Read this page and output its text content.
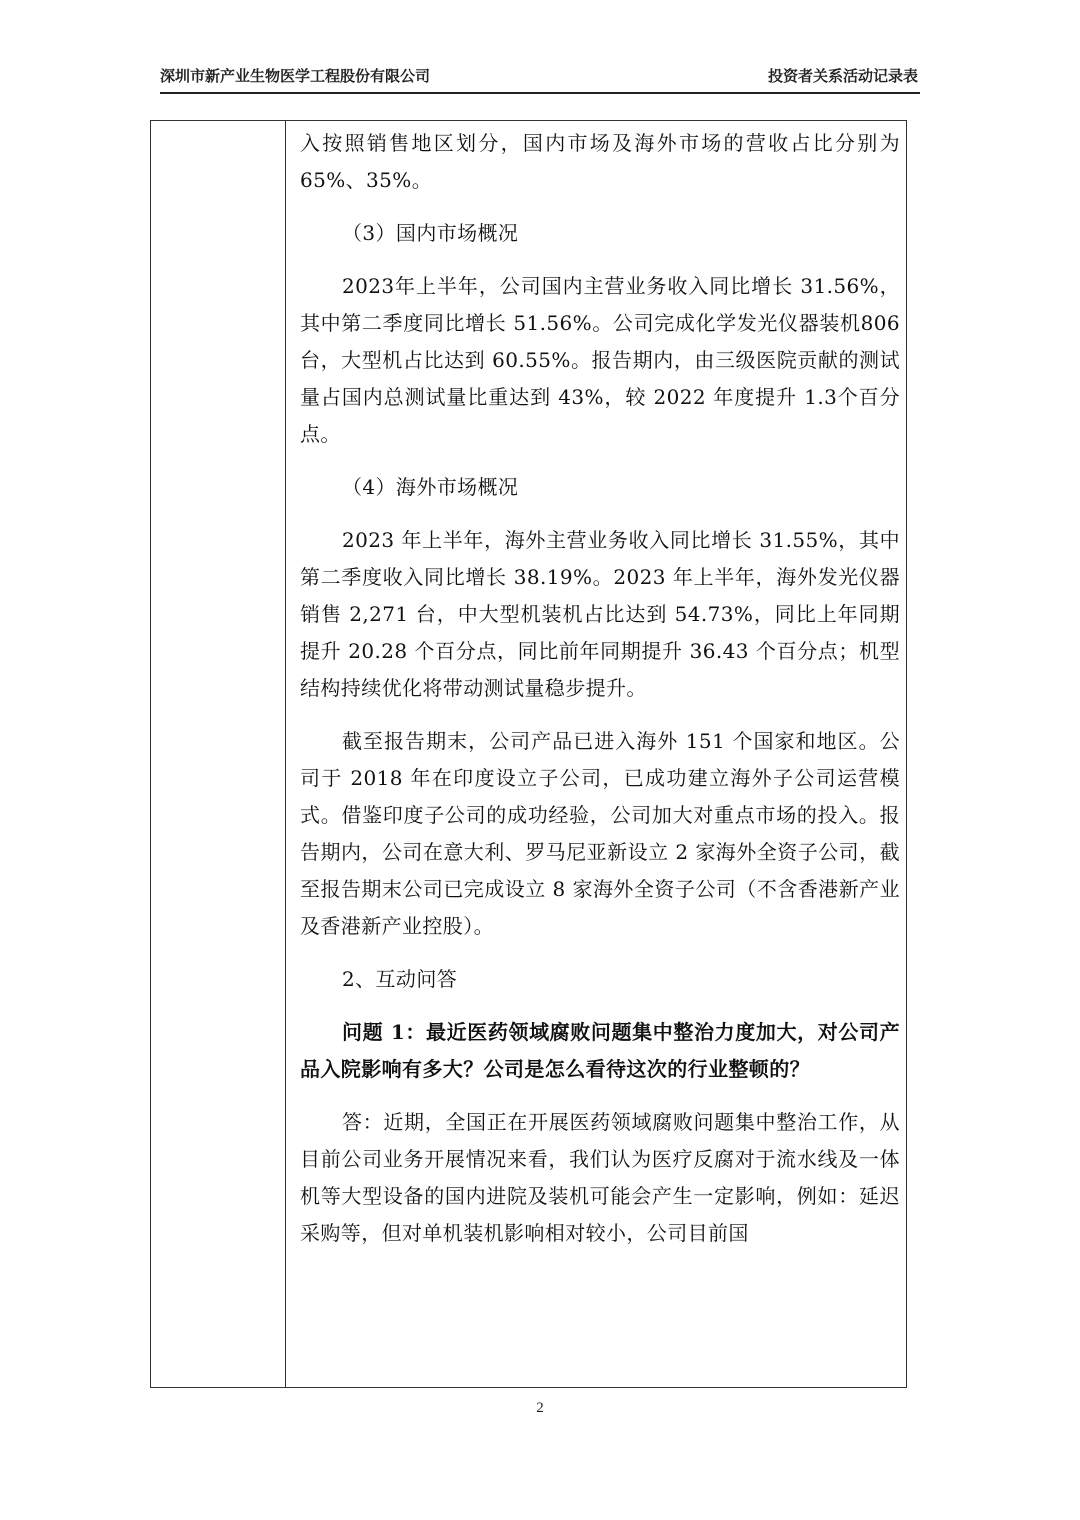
深圳市新产业生物医学工程股份有限公司	投资者关系活动记录表

入按照销售地区划分，国内市场及海外市场的营收占比分别为65%、35%。

（3）国内市场概况

2023年上半年，公司国内主营业务收入同比增长 31.56%，其中第二季度同比增长 51.56%。公司完成化学发光仪器装机806 台，大型机占比达到 60.55%。报告期内，由三级医院贡献的测试量占国内总测试量比重达到 43%，较 2022 年度提升 1.3个百分点。

（4）海外市场概况

2023 年上半年，海外主营业务收入同比增长 31.55%，其中第二季度收入同比增长 38.19%。2023 年上半年，海外发光仪器销售 2,271 台，中大型机装机占比达到 54.73%，同比上年同期提升 20.28 个百分点，同比前年同期提升 36.43 个百分点；机型结构持续优化将带动测试量稳步提升。

截至报告期末，公司产品已进入海外 151 个国家和地区。公司于 2018 年在印度设立子公司，已成功建立海外子公司运营模式。借鉴印度子公司的成功经验，公司加大对重点市场的投入。报告期内，公司在意大利、罗马尼亚新设立 2 家海外全资子公司，截至报告期末公司已完成设立 8 家海外全资子公司（不含香港新产业及香港新产业控股）。

2、互动问答

问题 1：最近医药领域腐败问题集中整治力度加大，对公司产品入院影响有多大？公司是怎么看待这次的行业整顿的？

答：近期，全国正在开展医药领域腐败问题集中整治工作，从目前公司业务开展情况来看，我们认为医疗反腐对于流水线及一体机等大型设备的国内进院及装机可能会产生一定影响，例如：延迟采购等，但对单机装机影响相对较小，公司目前国

2
